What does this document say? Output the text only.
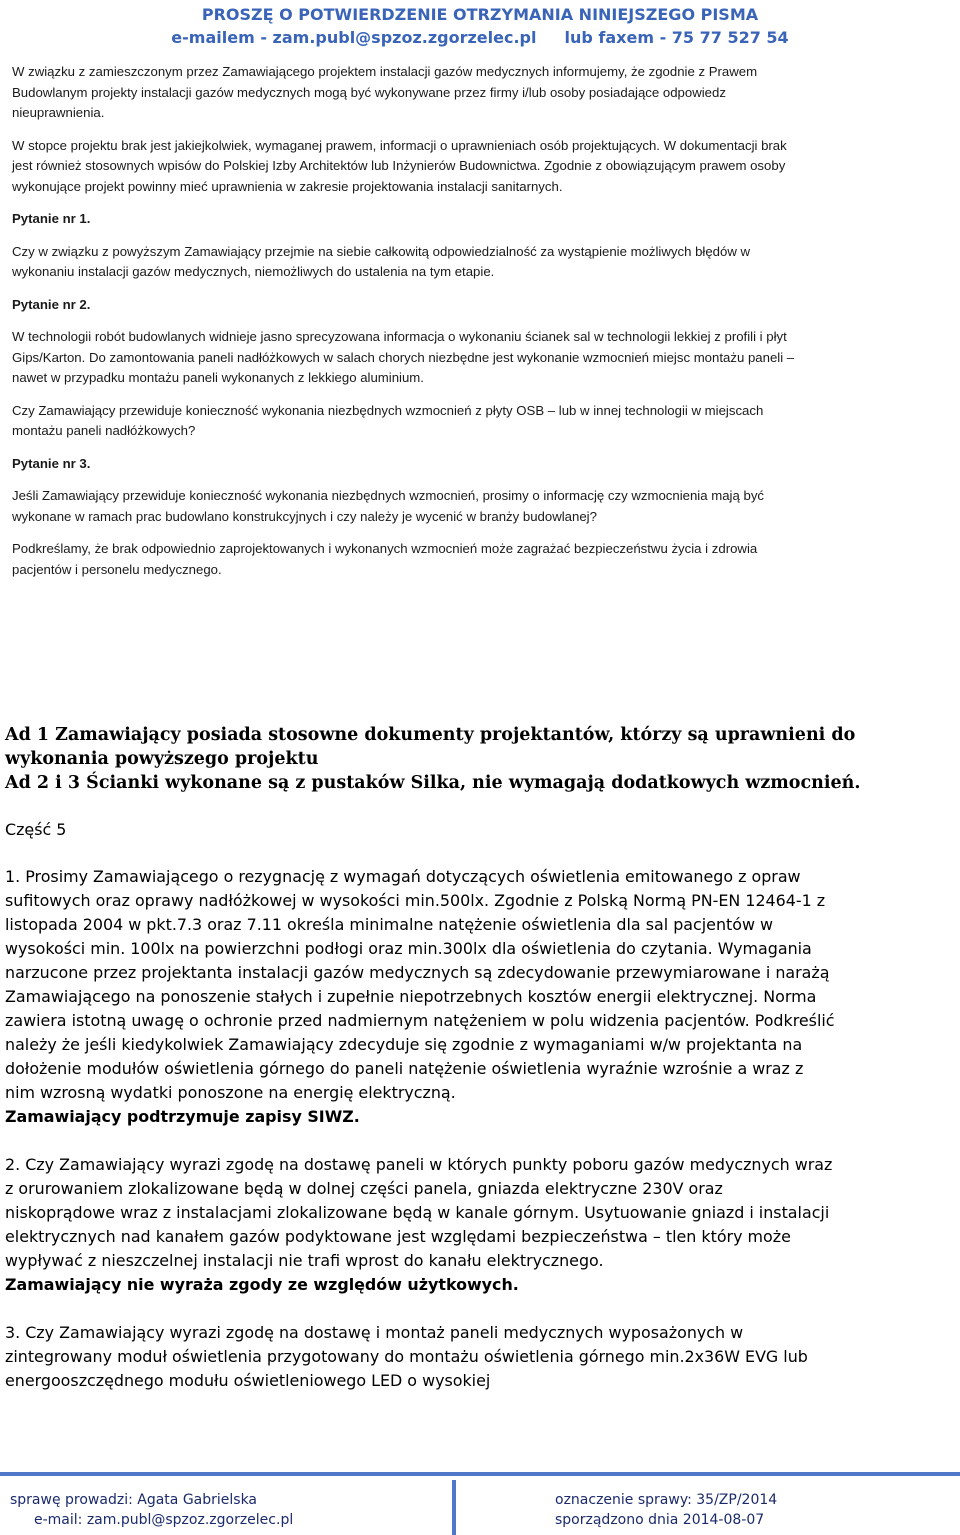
PROSZĘ O POTWIERDZENIE OTRZYMANIA NINIEJSZEGO PISMA
e-mailem - zam.publ@spzoz.zgorzelec.pl lub faxem - 75 77 527 54

W związku z zamieszczonym przez Zamawiającego projektem instalacji gazów medycznych informujemy, że zgodnie z Prawem Budowlanym projekty instalacji gazów medycznych mogą być wykonywane przez firmy i/lub osoby posiadające odpowiedz nieuprawnienia.

W stopce projektu brak jest jakiejkolwiek, wymaganej prawem, informacji o uprawnieniach osób projektujących. W dokumentacji brak jest również stosownych wpisów do Polskiej Izby Architektów lub Inżynierów Budownictwa. Zgodnie z obowiązującym prawem osoby wykonujące projekt powinny mieć uprawnienia w zakresie projektowania instalacji sanitarnych.

Pytanie nr 1.

Czy w związku z powyższym Zamawiający przejmie na siebie całkowitą odpowiedzialność za wystąpienie możliwych błędów w wykonaniu instalacji gazów medycznych, niemożliwych do ustalenia na tym etapie.

Pytanie nr 2.

W technologii robót budowlanych widnieje jasno sprecyzowana informacja o wykonaniu ścianek sal w technologii lekkiej z profili i płyt Gips/Karton. Do zamontowania paneli nadłóżkowych w salach chorych niezbędne jest wykonanie wzmocnień miejsc montażu paneli – nawet w przypadku montażu paneli wykonanych z lekkiego aluminium.

Czy Zamawiający przewiduje konieczność wykonania niezbędnych wzmocnień z płyty OSB – lub w innej technologii w miejscach montażu paneli nadłóżkowych?

Pytanie nr 3.

Jeśli Zamawiający przewiduje konieczność wykonania niezbędnych wzmocnień, prosimy o informację czy wzmocnienia mają być wykonane w ramach prac budowlano konstrukcyjnych i czy należy je wycenić w branży budowlanej?

Podkreślamy, że brak odpowiednio zaprojektowanych i wykonanych wzmocnień może zagrażać bezpieczeństwu życia i zdrowia pacjentów i personelu medycznego.

Ad 1 Zamawiający posiada stosowne dokumenty projektantów, którzy są uprawnieni do wykonania powyższego projektu
Ad 2 i 3 Ścianki wykonane są z pustaków Silka, nie wymagają dodatkowych wzmocnień.

Część 5

1. Prosimy Zamawiającego o rezygnację z wymagań dotyczących oświetlenia emitowanego z opraw sufitowych oraz oprawy nadłóżkowej w wysokości min.500lx. Zgodnie z Polską Normą PN-EN 12464-1 z listopada 2004 w pkt.7.3 oraz 7.11 określa minimalne natężenie oświetlenia dla sal pacjentów w wysokości min. 100lx na powierzchni podłogi oraz min.300lx dla oświetlenia do czytania. Wymagania narzucone przez projektanta instalacji gazów medycznych są zdecydowanie przewymiarowane i narażą Zamawiającego na ponoszenie stałych i zupełnie niepotrzebnych kosztów energii elektrycznej. Norma zawiera istotną uwagę o ochronie przed nadmiernym natężeniem w polu widzenia pacjentów. Podkreślić należy że jeśli kiedykolwiek Zamawiający zdecyduje się zgodnie z wymaganiami w/w projektanta na dołożenie modułów oświetlenia górnego do paneli natężenie oświetlenia wyraźnie wzrośnie a wraz z nim wzrosną wydatki ponoszone na energię elektryczną.
Zamawiający podtrzymuje zapisy SIWZ.
2. Czy Zamawiający wyrazi zgodę na dostawę paneli w których punkty poboru gazów medycznych wraz z orurowaniem zlokalizowane będą w dolnej części panela, gniazda elektryczne 230V oraz niskoprądowe wraz z instalacjami zlokalizowane będą w kanale górnym. Usytuowanie gniazd i instalacji elektrycznych nad kanałem gazów podyktowane jest względami bezpieczeństwa – tlen który może wypływać z nieszczelnej instalacji nie trafi wprost do kanału elektrycznego.
Zamawiający nie wyraża zgody ze względów użytkowych.
3. Czy Zamawiający wyrazi zgodę na dostawę i montaż paneli medycznych wyposażonych w zintegrowany moduł oświetlenia przygotowany do montażu oświetlenia górnego min.2x36W EVG lub energooszczędnego modułu oświetleniowego LED o wysokiej
sprawę prowadzi: Agata Gabrielska
e-mail: zam.publ@spzoz.zgorzelec.pl
oznaczenie sprawy: 35/ZP/2014
sporządzono dnia 2014-08-07
